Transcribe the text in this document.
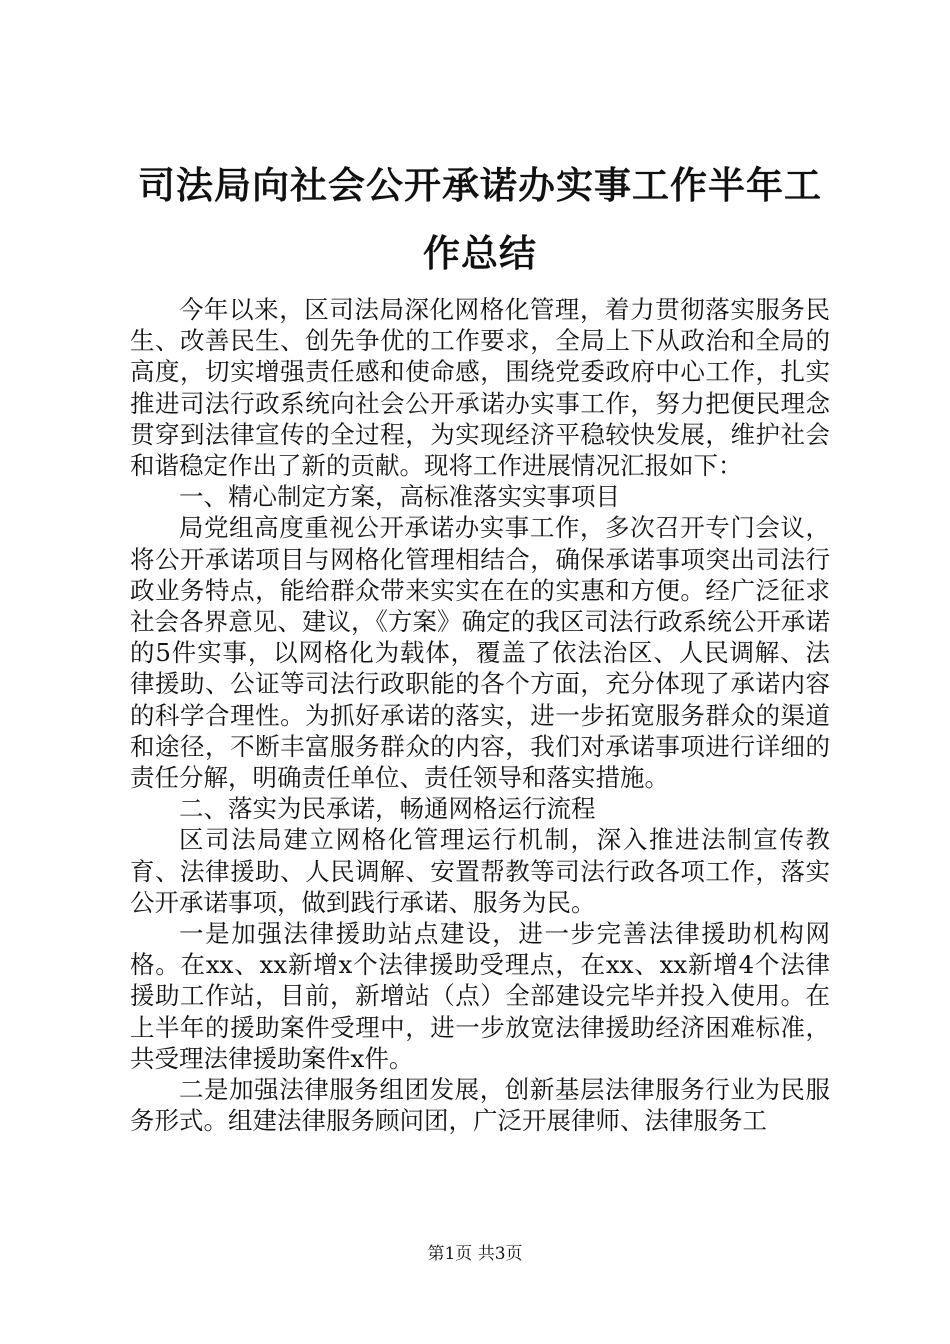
司法局向社会公开承诺办实事工作半年工作总结

今年以来，区司法局深化网格化管理，着力贯彻落实服务民生、改善民生、创先争优的工作要求，全局上下从政治和全局的高度，切实增强责任感和使命感，围绕党委政府中心工作，扎实推进司法行政系统向社会公开承诺办实事工作，努力把便民理念贯穿到法律宣传的全过程，为实现经济平稳较快发展，维护社会和谐稳定作出了新的贡献。现将工作进展情况汇报如下：

一、精心制定方案，高标准落实实事项目

局党组高度重视公开承诺办实事工作，多次召开专门会议，将公开承诺项目与网格化管理相结合，确保承诺事项突出司法行政业务特点，能给群众带来实实在在的实惠和方便。经广泛征求社会各界意见、建议，《方案》确定的我区司法行政系统公开承诺的5件实事，以网格化为载体，覆盖了依法治区、人民调解、法律援助、公证等司法行政职能的各个方面，充分体现了承诺内容的科学合理性。为抓好承诺的落实，进一步拓宽服务群众的渠道和途径，不断丰富服务群众的内容，我们对承诺事项进行详细的责任分解，明确责任单位、责任领导和落实措施。

二、落实为民承诺，畅通网格运行流程

区司法局建立网格化管理运行机制，深入推进法制宣传教育、法律援助、人民调解、安置帮教等司法行政各项工作，落实公开承诺事项，做到践行承诺、服务为民。

一是加强法律援助站点建设，进一步完善法律援助机构网格。在xx、xx新增x个法律援助受理点，在xx、xx新增4个法律援助工作站，目前，新增站（点）全部建设完毕并投入使用。在上半年的援助案件受理中，进一步放宽法律援助经济困难标准，共受理法律援助案件x件。

二是加强法律服务组团发展，创新基层法律服务行业为民服务形式。组建法律服务顾问团，广泛开展律师、法律服务工

第1页 共3页
